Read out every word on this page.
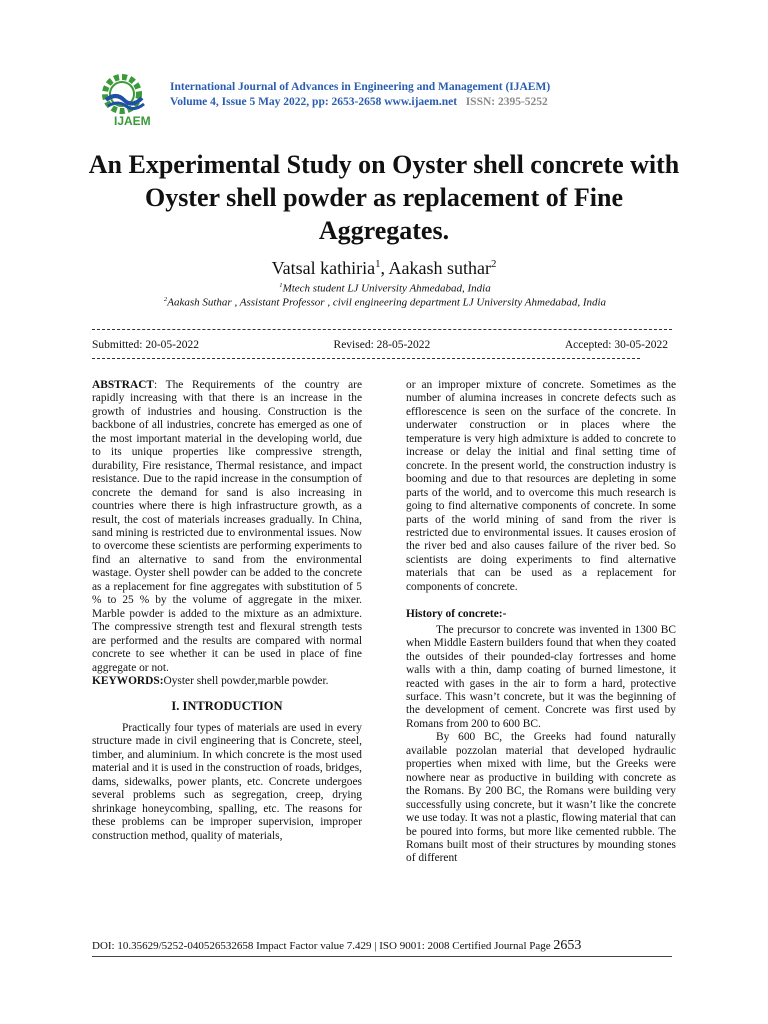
IJAEM
International Journal of Advances in Engineering and Management (IJAEM)
Volume 4, Issue 5 May 2022, pp: 2653-2658 www.ijaem.net ISSN: 2395-5252
An Experimental Study on Oyster shell concrete with Oyster shell powder as replacement of Fine Aggregates.
Vatsal kathiria$^1$, Aakash suthar$^2$
$^1$Mtech student LJ University Ahmedabad, India
$^2$Aakash Suthar , Assistant Professor , civil engineering department LJ University Ahmedabad, India
Submitted: 20-05-2022	Revised: 28-05-2022	Accepted: 30-05-2022

ABSTRACT: The Requirements of the country are rapidly increasing with that there is an increase in the growth of industries and housing. Construction is the backbone of all industries, concrete has emerged as one of the most important material in the developing world, due to its unique properties like compressive strength, durability, Fire resistance, Thermal resistance, and impact resistance. Due to the rapid increase in the consumption of concrete the demand for sand is also increasing in countries where there is high infrastructure growth, as a result, the cost of materials increases gradually. In China, sand mining is restricted due to environmental issues. Now to overcome these scientists are performing experiments to find an alternative to sand from the environmental wastage. Oyster shell powder can be added to the concrete as a replacement for fine aggregates with substitution of 5 % to 25 % by the volume of aggregate in the mixer. Marble powder is added to the mixture as an admixture. The compressive strength test and flexural strength tests are performed and the results are compared with normal concrete to see whether it can be used in place of fine aggregate or not.

KEYWORDS:Oyster shell powder,marble powder.

I. INTRODUCTION

Practically four types of materials are used in every structure made in civil engineering that is Concrete, steel, timber, and aluminium. In which concrete is the most used material and it is used in the construction of roads, bridges, dams, sidewalks, power plants, etc. Concrete undergoes several problems such as segregation, creep, drying shrinkage honeycombing, spalling, etc. The reasons for these problems can be improper supervision, improper construction method, quality of materials,

or an improper mixture of concrete. Sometimes as the number of alumina increases in concrete defects such as efflorescence is seen on the surface of the concrete. In underwater construction or in places where the temperature is very high admixture is added to concrete to increase or delay the initial and final setting time of concrete. In the present world, the construction industry is booming and due to that resources are depleting in some parts of the world, and to overcome this much research is going to find alternative components of concrete. In some parts of the world mining of sand from the river is restricted due to environmental issues. It causes erosion of the river bed and also causes failure of the river bed. So scientists are doing experiments to find alternative materials that can be used as a replacement for components of concrete.

History of concrete:-

The precursor to concrete was invented in 1300 BC when Middle Eastern builders found that when they coated the outsides of their pounded-clay fortresses and home walls with a thin, damp coating of burned limestone, it reacted with gases in the air to form a hard, protective surface. This wasn’t concrete, but it was the beginning of the development of cement. Concrete was first used by Romans from 200 to 600 BC.

By 600 BC, the Greeks had found naturally available pozzolan material that developed hydraulic properties when mixed with lime, but the Greeks were nowhere near as productive in building with concrete as the Romans. By 200 BC, the Romans were building very successfully using concrete, but it wasn’t like the concrete we use today. It was not a plastic, flowing material that can be poured into forms, but more like cemented rubble. The Romans built most of their structures by mounding stones of different

DOI: 10.35629/5252-040526532658 Impact Factor value 7.429 | ISO 9001: 2008 Certified Journal Page 2653
